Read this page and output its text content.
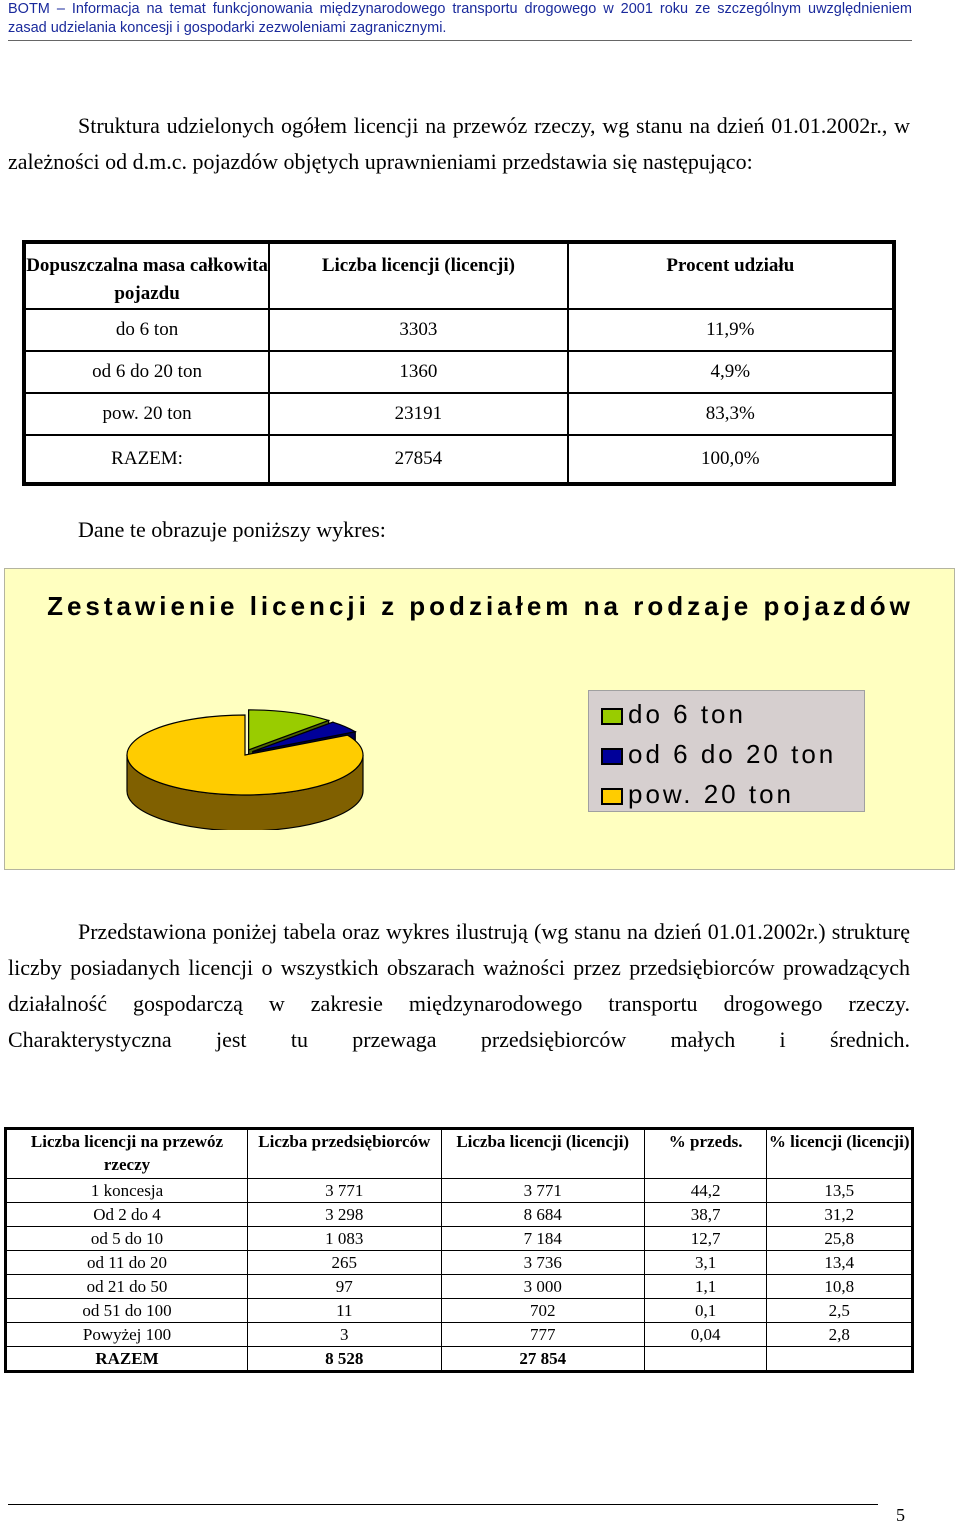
BOTM – Informacja na temat funkcjonowania międzynarodowego transportu drogowego w 2001 roku ze szczególnym uwzględnieniem zasad udzielania koncesji i gospodarki zezwoleniami zagranicznymi.

Struktura udzielonych ogółem licencji na przewóz rzeczy, wg stanu na dzień 01.01.2002r., w zależności od d.m.c. pojazdów objętych uprawnieniami przedstawia się następująco:

Dopuszczalna masa całkowita pojazdu	Liczba licencji (licencji)	Procent udziału
do 6 ton	3303	11,9%
od 6 do 20 ton	1360	4,9%
pow. 20 ton	23191	83,3%
RAZEM:	27854	100,0%

Dane te obrazuje poniższy wykres:

Zestawienie licencji z podziałem na rodzaje pojazdów
do 6 ton
od 6 do 20 ton
pow. 20 ton

Przedstawiona poniżej tabela oraz wykres ilustrują (wg stanu na dzień 01.01.2002r.) strukturę liczby posiadanych licencji o wszystkich obszarach ważności przez przedsiębiorców prowadzących działalność gospodarczą w zakresie międzynarodowego transportu drogowego rzeczy. Charakterystyczna jest tu przewaga przedsiębiorców małych i średnich.

Liczba licencji na przewóz rzeczy	Liczba przedsiębiorców	Liczba licencji (licencji)	% przeds.	% licencji (licencji)
1 koncesja	3 771	3 771	44,2	13,5
Od 2 do 4	3 298	8 684	38,7	31,2
od 5 do 10	1 083	7 184	12,7	25,8
od 11 do 20	265	3 736	3,1	13,4
od 21 do 50	97	3 000	1,1	10,8
od 51 do 100	11	702	0,1	2,5
Powyżej 100	3	777	0,04	2,8
RAZEM	8 528	27 854		
5
